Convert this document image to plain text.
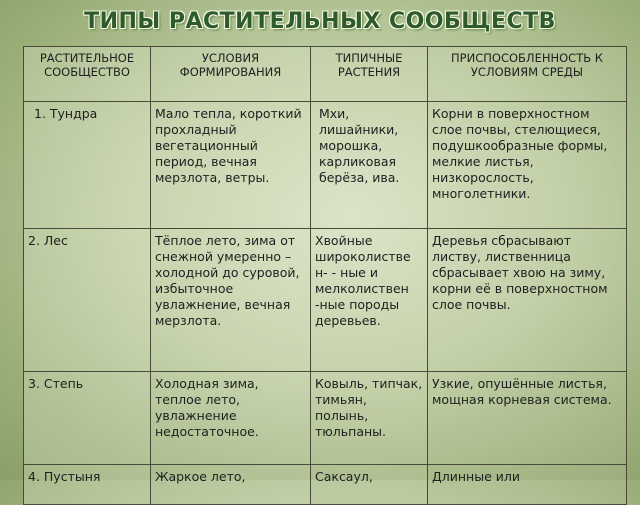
ТИПЫ РАСТИТЕЛЬНЫХ СООБЩЕСТВ
РАСТИТЕЛЬНОЕ СООБЩЕСТВО	УСЛОВИЯ ФОРМИРОВАНИЯ	ТИПИЧНЫЕ РАСТЕНИЯ	ПРИСПОСОБЛЕННОСТЬ К УСЛОВИЯМ СРЕДЫ
1. Тундра	Мало тепла, короткий прохладный вегетационный период, вечная мерзлота, ветры.	Мхи, лишайники, морошка, карликовая берёза, ива.	Корни в поверхностном слое почвы, стелющиеся, подушкообразные формы, мелкие листья, низкорослость, многолетники.
2. Лес	Тёплое лето, зима от снежной умеренно – холодной до суровой, избыточное увлажнение, вечная мерзлота.	Хвойные широколистве н- - ные и мелколиствен -ные породы деревьев.	Деревья сбрасывают листву, лиственница сбрасывает хвою на зиму, корни её в поверхностном слое почвы.
3. Степь	Холодная зима, теплое лето, увлажнение недостаточное.	Ковыль, типчак, тимьян, полынь, тюльпаны.	Узкие, опушённые листья, мощная корневая система.
4. Пустыня	Жаркое лето,	Саксаул,	Длинные или
